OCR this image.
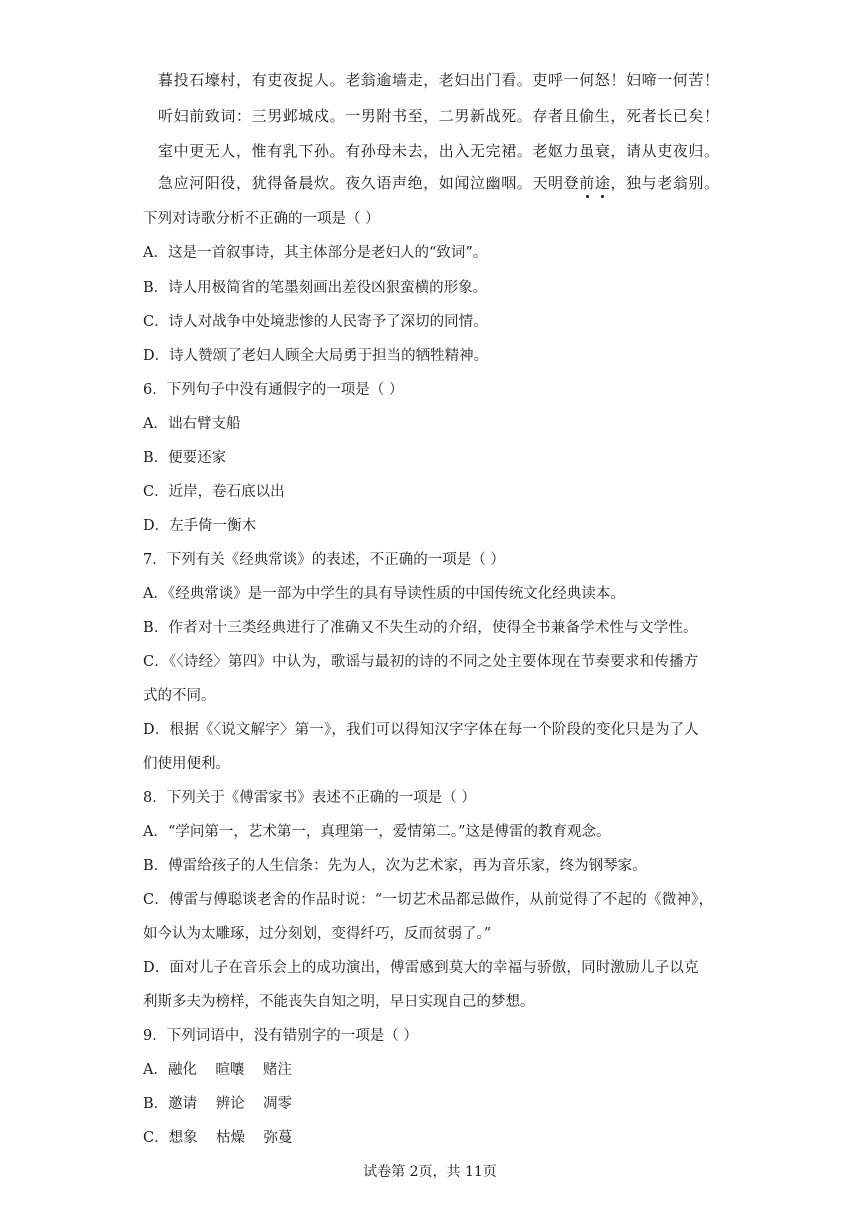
暮投石壕村，有吏夜捉人。老翁逾墙走，老妇出门看。吏呼一何怒！妇啼一何苦！
听妇前致词：三男邺城戍。一男附书至，二男新战死。存者且偷生，死者长已矣！
室中更无人，惟有乳下孙。有孙母未去，出入无完裙。老妪力虽衰，请从吏夜归。
急应河阳役，犹得备晨炊。夜久语声绝，如闻泣幽咽。天明登前途，独与老翁别。
下列对诗歌分析不正确的一项是（ ）
A．这是一首叙事诗，其主体部分是老妇人的“致词”。
B．诗人用极简省的笔墨刻画出差役凶狠蛮横的形象。
C．诗人对战争中处境悲惨的人民寄予了深切的同情。
D．诗人赞颂了老妇人顾全大局勇于担当的牺牲精神。
6．下列句子中没有通假字的一项是（ ）
A．诎右臂支船
B．便要还家
C．近岸，卷石底以出
D．左手倚一衡木
7．下列有关《经典常谈》的表述，不正确的一项是（ ）
A．《经典常谈》是一部为中学生的具有导读性质的中国传统文化经典读本。
B．作者对十三类经典进行了准确又不失生动的介绍，使得全书兼备学术性与文学性。
C．《〈诗经〉第四》中认为，歌谣与最初的诗的不同之处主要体现在节奏要求和传播方
式的不同。
D．根据《〈说文解字〉第一》，我们可以得知汉字字体在每一个阶段的变化只是为了人
们使用便利。
8．下列关于《傅雷家书》表述不正确的一项是（ ）
A．“学问第一，艺术第一，真理第一，爱情第二。”这是傅雷的教育观念。
B．傅雷给孩子的人生信条：先为人，次为艺术家，再为音乐家，终为钢琴家。
C．傅雷与傅聪谈老舍的作品时说：“一切艺术品都忌做作，从前觉得了不起的《微神》，
如今认为太雕琢，过分刻划，变得纤巧，反而贫弱了。”
D．面对儿子在音乐会上的成功演出，傅雷感到莫大的幸福与骄傲，同时激励儿子以克
利斯多夫为榜样，不能丧失自知之明，早日实现自己的梦想。
9．下列词语中，没有错别字的一项是（ ）
A．融化    暄嚷    赌注
B．邀请    辨论    凋零
C．想象    枯燥    弥蔓
试卷第 2页，共 11页
